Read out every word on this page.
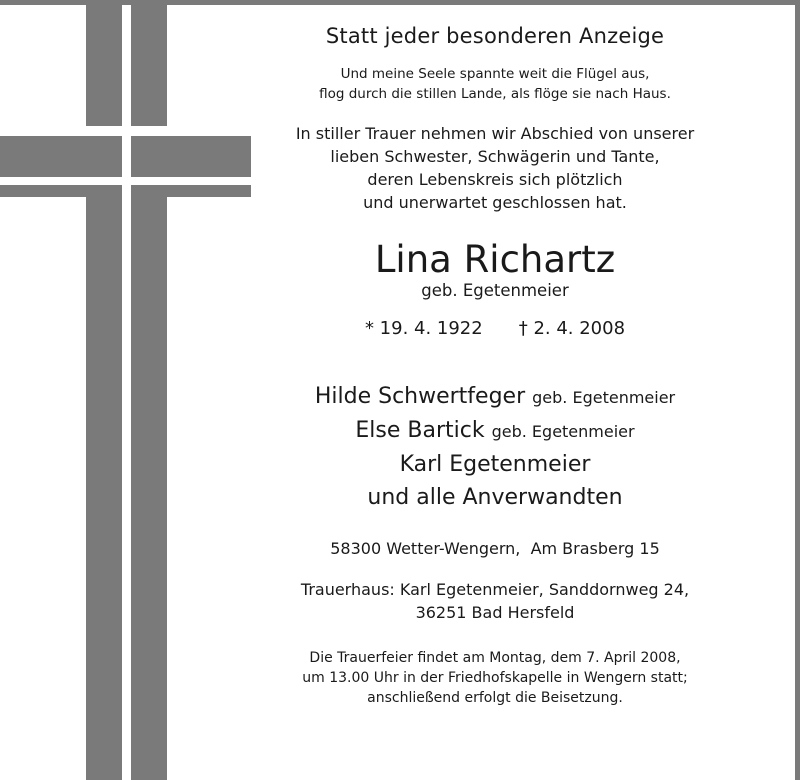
Statt jeder besonderen Anzeige
Und meine Seele spannte weit die Flügel aus,
flog durch die stillen Lande, als flöge sie nach Haus.
In stiller Trauer nehmen wir Abschied von unserer
lieben Schwester, Schwägerin und Tante,
deren Lebenskreis sich plötzlich
und unerwartet geschlossen hat.
Lina Richartz
geb. Egetenmeier
* 19. 4. 1922 † 2. 4. 2008
Hilde Schwertfeger geb. Egetenmeier
Else Bartick geb. Egetenmeier
Karl Egetenmeier
und alle Anverwandten
58300 Wetter-Wengern,  Am Brasberg 15
Trauerhaus: Karl Egetenmeier, Sanddornweg 24,
36251 Bad Hersfeld
Die Trauerfeier findet am Montag, dem 7. April 2008,
um 13.00 Uhr in der Friedhofskapelle in Wengern statt;
anschließend erfolgt die Beisetzung.
